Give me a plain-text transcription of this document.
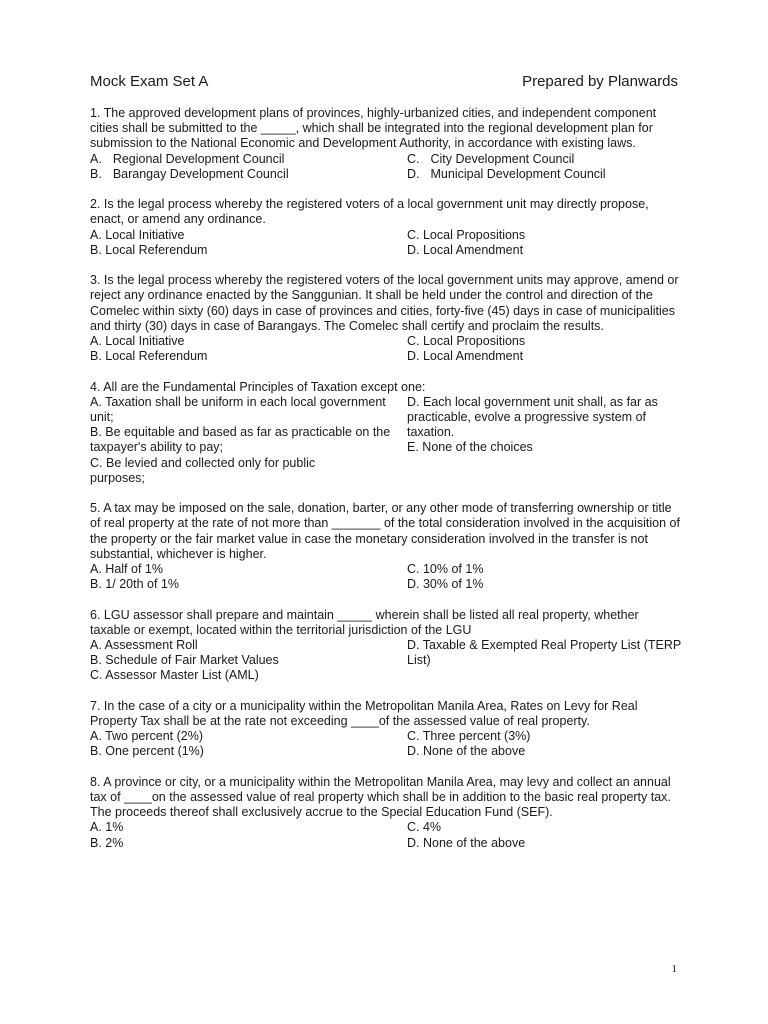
Mock Exam Set A	Prepared by Planwards

1. The approved development plans of provinces, highly-urbanized cities, and independent component cities shall be submitted to the _____, which shall be integrated into the regional development plan for submission to the National Economic and Development Authority, in accordance with existing laws.

A. Regional Development Council	C. City Development Council
B. Barangay Development Council	D. Municipal Development Council

2. Is the legal process whereby the registered voters of a local government unit may directly propose, enact, or amend any ordinance.

A. Local Initiative	C. Local Propositions
B. Local Referendum	D. Local Amendment

3. Is the legal process whereby the registered voters of the local government units may approve, amend or reject any ordinance enacted by the Sanggunian. It shall be held under the control and direction of the Comelec within sixty (60) days in case of provinces and cities, forty-five (45) days in case of municipalities and thirty (30) days in case of Barangays. The Comelec shall certify and proclaim the results.

A. Local Initiative	C. Local Propositions
B. Local Referendum	D. Local Amendment

4. All are the Fundamental Principles of Taxation except one:

A. Taxation shall be uniform in each local government unit;
B. Be equitable and based as far as practicable on the taxpayer's ability to pay;
C. Be levied and collected only for public purposes;
D. Each local government unit shall, as far as practicable, evolve a progressive system of taxation.
E. None of the choices

5. A tax may be imposed on the sale, donation, barter, or any other mode of transferring ownership or title of real property at the rate of not more than _______ of the total consideration involved in the acquisition of the property or the fair market value in case the monetary consideration involved in the transfer is not substantial, whichever is higher.

A. Half of 1%	C. 10% of 1%
B. 1/ 20th of 1%	D. 30% of 1%

6. LGU assessor shall prepare and maintain _____ wherein shall be listed all real property, whether taxable or exempt, located within the territorial jurisdiction of the LGU

A. Assessment Roll
B. Schedule of Fair Market Values
C. Assessor Master List (AML)
D. Taxable & Exempted Real Property List (TERP List)

7. In the case of a city or a municipality within the Metropolitan Manila Area, Rates on Levy for Real Property Tax shall be at the rate not exceeding ____of the assessed value of real property.

A. Two percent (2%)	C. Three percent (3%)
B. One percent (1%)	D. None of the above

8. A province or city, or a municipality within the Metropolitan Manila Area, may levy and collect an annual tax of ____on the assessed value of real property which shall be in addition to the basic real property tax. The proceeds thereof shall exclusively accrue to the Special Education Fund (SEF).

A. 1%	C. 4%
B. 2%	D. None of the above
1
